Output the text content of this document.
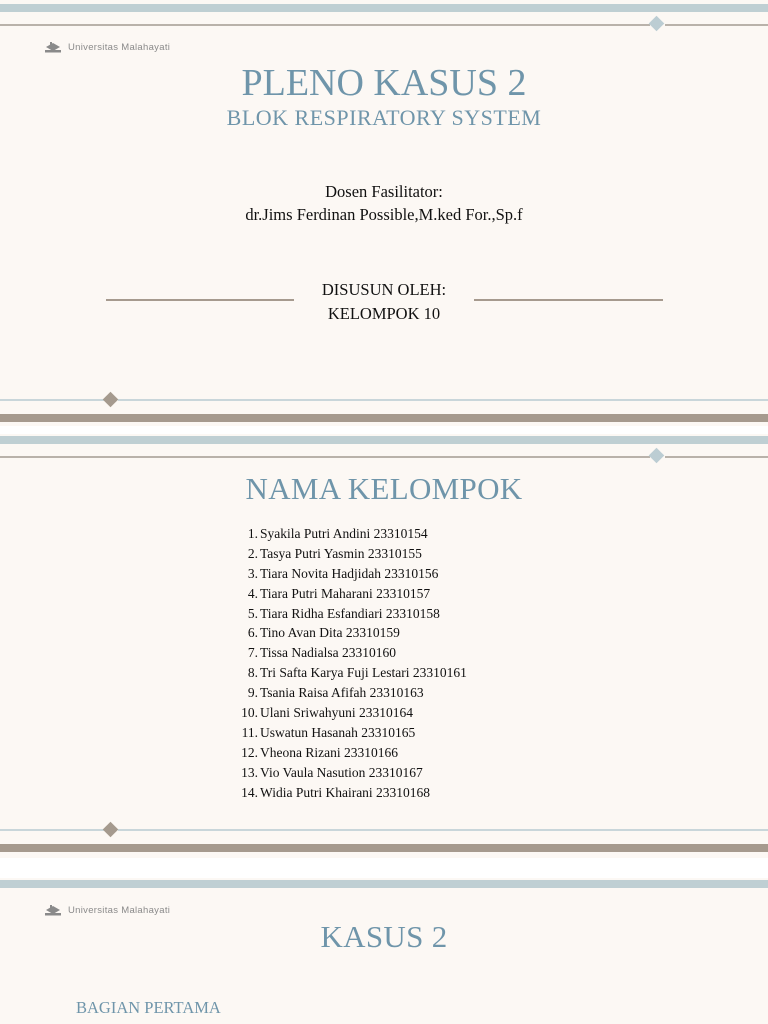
Universitas Malahayati
PLENO KASUS 2
BLOK RESPIRATORY SYSTEM
Dosen Fasilitator:
dr.Jims Ferdinan Possible,M.ked For.,Sp.f
DISUSUN OLEH:
KELOMPOK 10
NAMA KELOMPOK
1. Syakila Putri Andini 23310154
2. Tasya Putri Yasmin 23310155
3. Tiara Novita Hadjidah 23310156
4. Tiara Putri Maharani 23310157
5. Tiara Ridha Esfandiari 23310158
6. Tino Avan Dita 23310159
7. Tissa Nadialsa 23310160
8. Tri Safta Karya Fuji Lestari 23310161
9. Tsania Raisa Afifah 23310163
10. Ulani Sriwahyuni 23310164
11. Uswatun Hasanah 23310165
12. Vheona Rizani 23310166
13. Vio Vaula Nasution 23310167
14. Widia Putri Khairani 23310168
Universitas Malahayati
KASUS 2
BAGIAN PERTAMA
